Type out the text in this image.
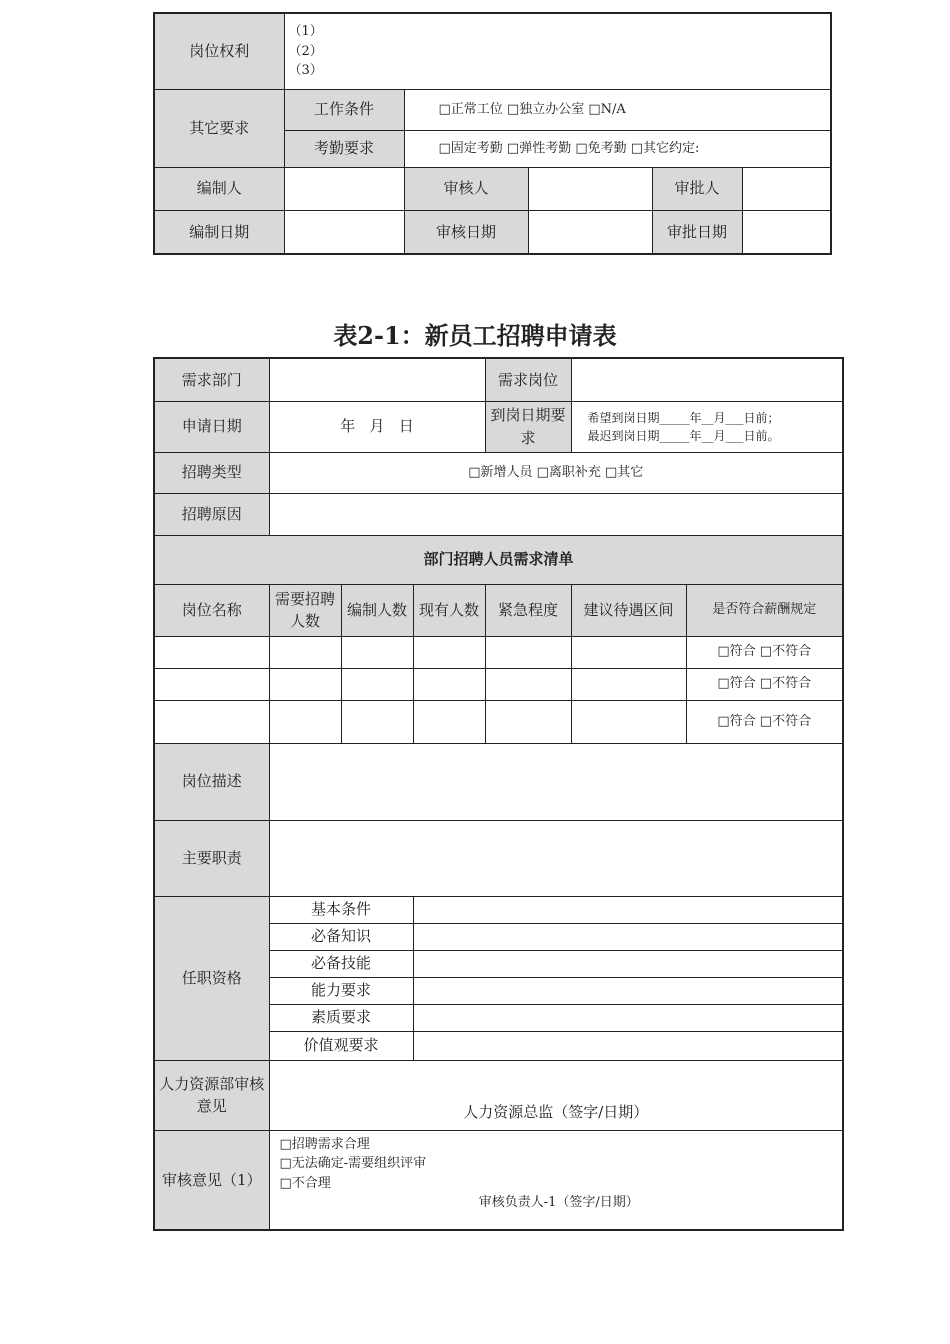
岗位权利	（1）
（2）
（3）				

其它要求	工作条件	□正常工位 □独立办公室 □N/A			
	考勤要求	□固定考勤 □弹性考勤 □免考勤 □其它约定:			
编制人		审核人		审批人	
编制日期		审核日期		审批日期	
表2-1：新员工招聘申请表
需求部门				需求岗位		
申请日期	年   月   日			到岗日期要求	希望到岗日期_____年__月___日前；
最迟到岗日期_____年__月___日前。	

招聘类型	□新增人员 □离职补充 □其它					
招聘原因						
部门招聘人员需求清单						
岗位名称	需要招聘人数	编制人数	现有人数	紧急程度	建议待遇区间	是否符合薪酬规定
						□符合 □不符合
						□符合 □不符合
						□符合 □不符合
岗位描述						
主要职责						
任职资格	基本条件					
	必备知识					
	必备技能					
	能力要求					
	素质要求					
	价值观要求					
人力资源部审核意见	人力资源总监（签字/日期）					
审核意见（1）	□招聘需求合理
□无法确定-需要组织评审
□不合理
审核负责人-1（签字/日期）					
